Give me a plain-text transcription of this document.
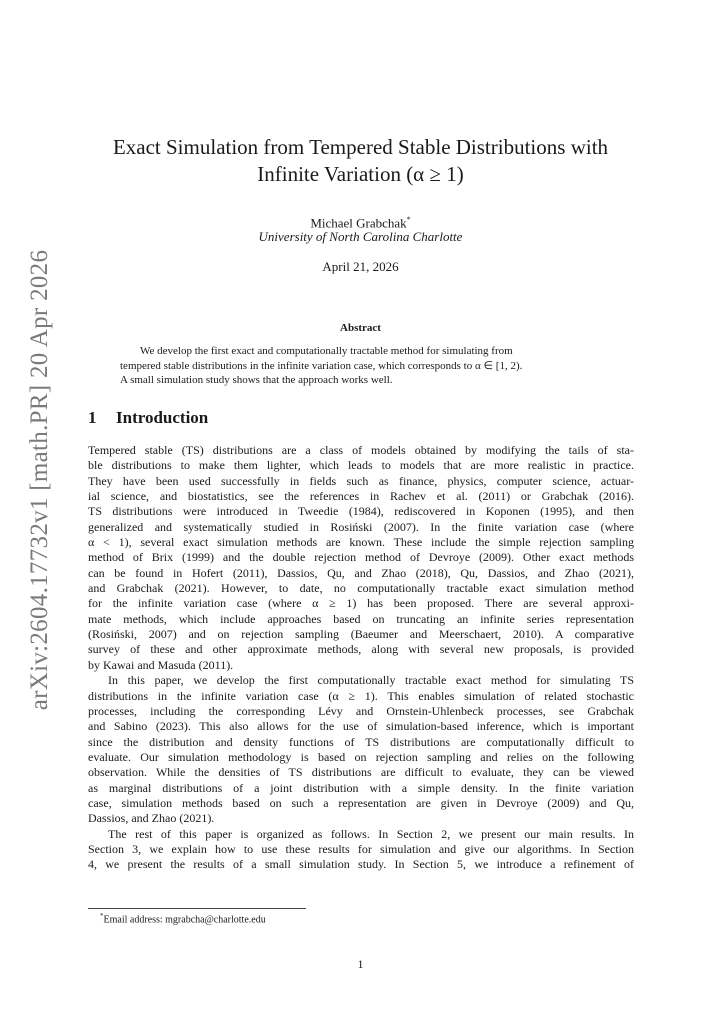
arXiv:2604.17732v1 [math.PR] 20 Apr 2026
Exact Simulation from Tempered Stable Distributions with
Infinite Variation (α ≥ 1)
Michael Grabchak*
University of North Carolina Charlotte
April 21, 2026
Abstract
We develop the first exact and computationally tractable method for simulating from
tempered stable distributions in the infinite variation case, which corresponds to α ∈ [1, 2).
A small simulation study shows that the approach works well.
1 Introduction
Tempered stable (TS) distributions are a class of models obtained by modifying the tails of sta-
ble distributions to make them lighter, which leads to models that are more realistic in practice.
They have been used successfully in fields such as finance, physics, computer science, actuar-
ial science, and biostatistics, see the references in Rachev et al. (2011) or Grabchak (2016).
TS distributions were introduced in Tweedie (1984), rediscovered in Koponen (1995), and then
generalized and systematically studied in Rosiński (2007). In the finite variation case (where
α < 1), several exact simulation methods are known. These include the simple rejection sampling
method of Brix (1999) and the double rejection method of Devroye (2009). Other exact methods
can be found in Hofert (2011), Dassios, Qu, and Zhao (2018), Qu, Dassios, and Zhao (2021),
and Grabchak (2021). However, to date, no computationally tractable exact simulation method
for the infinite variation case (where α ≥ 1) has been proposed. There are several approxi-
mate methods, which include approaches based on truncating an infinite series representation
(Rosiński, 2007) and on rejection sampling (Baeumer and Meerschaert, 2010). A comparative
survey of these and other approximate methods, along with several new proposals, is provided
by Kawai and Masuda (2011).
In this paper, we develop the first computationally tractable exact method for simulating TS
distributions in the infinite variation case (α ≥ 1). This enables simulation of related stochastic
processes, including the corresponding Lévy and Ornstein-Uhlenbeck processes, see Grabchak
and Sabino (2023). This also allows for the use of simulation-based inference, which is important
since the distribution and density functions of TS distributions are computationally difficult to
evaluate. Our simulation methodology is based on rejection sampling and relies on the following
observation. While the densities of TS distributions are difficult to evaluate, they can be viewed
as marginal distributions of a joint distribution with a simple density. In the finite variation
case, simulation methods based on such a representation are given in Devroye (2009) and Qu,
Dassios, and Zhao (2021).
The rest of this paper is organized as follows. In Section 2, we present our main results. In
Section 3, we explain how to use these results for simulation and give our algorithms. In Section
4, we present the results of a small simulation study. In Section 5, we introduce a refinement of
*Email address: mgrabcha@charlotte.edu
1
